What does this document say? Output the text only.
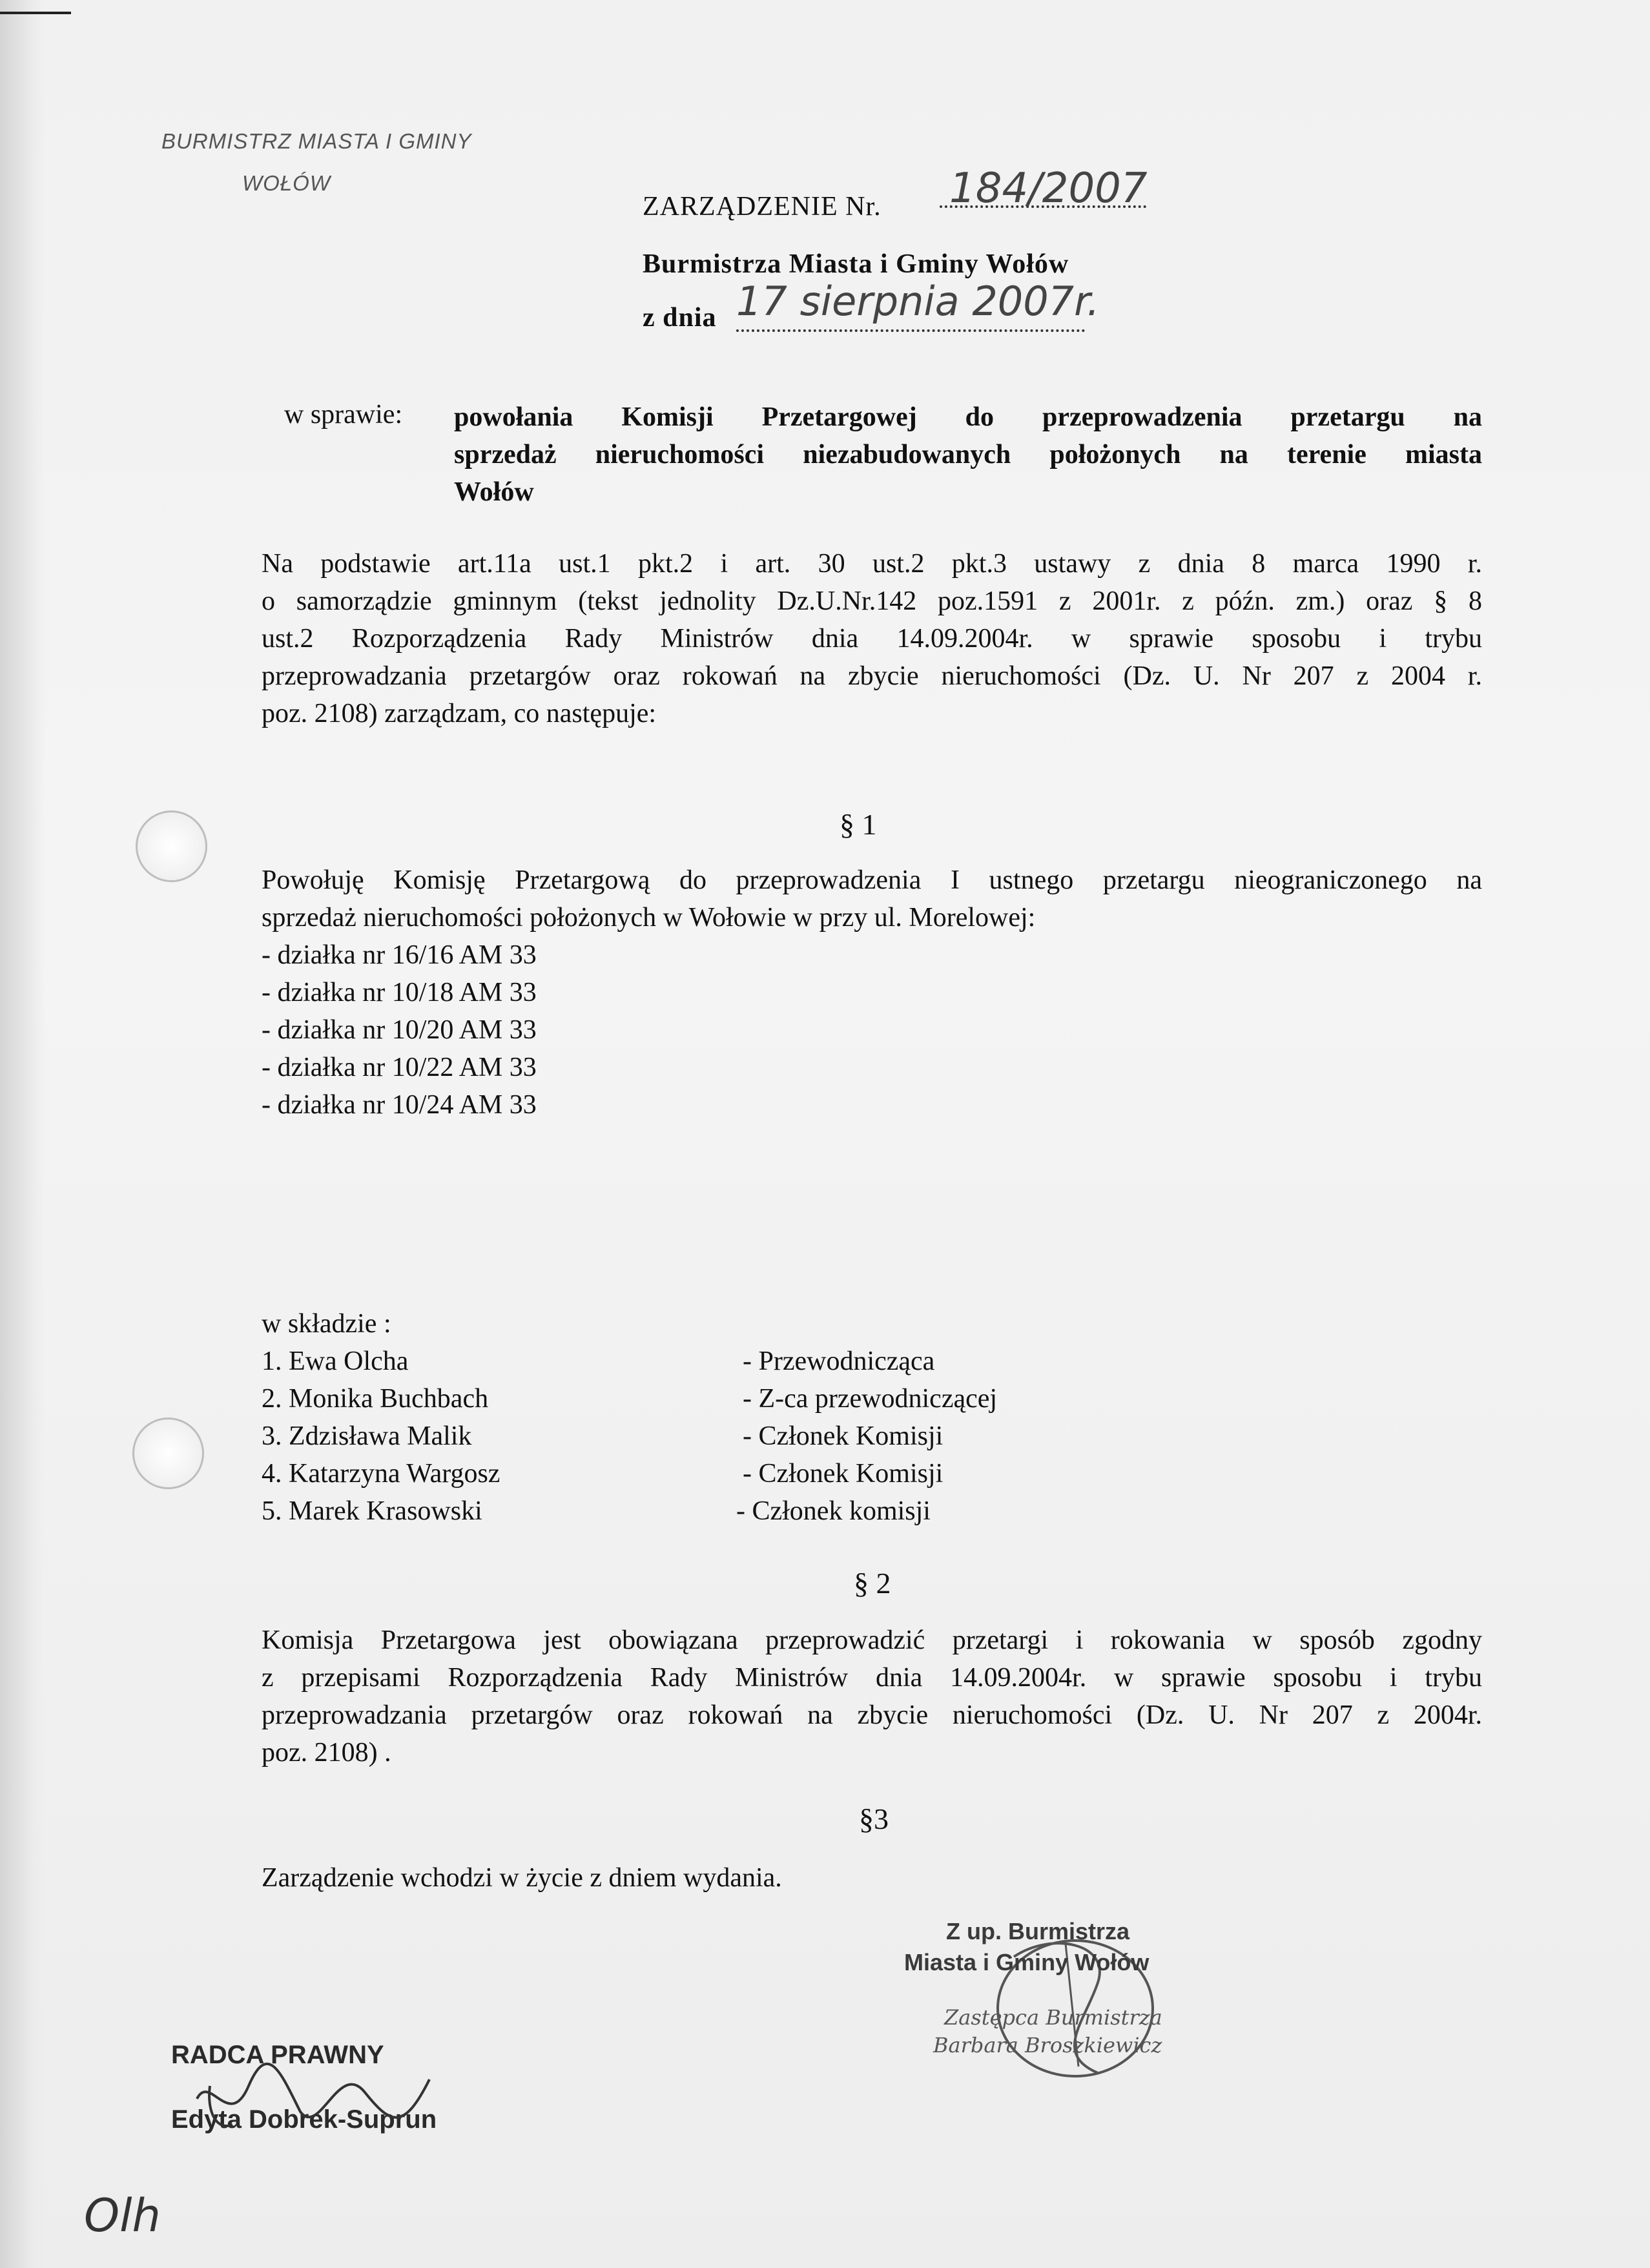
BURMISTRZ MIASTA I GMINY
WOŁÓW
ZARZĄDZENIE Nr. 184/2007
Burmistrza Miasta i Gminy Wołów
z dnia 17 sierpnia 2007r.
w sprawie: powołania Komisji Przetargowej do przeprowadzenia przetargu na
sprzedaż nieruchomości niezabudowanych położonych na terenie miasta
Wołów
Na podstawie art.11a ust.1 pkt.2 i art. 30 ust.2 pkt.3 ustawy z dnia 8 marca 1990 r.
o samorządzie gminnym (tekst jednolity Dz.U.Nr.142 poz.1591 z 2001r. z późn. zm.) oraz § 8
ust.2 Rozporządzenia Rady Ministrów dnia 14.09.2004r. w sprawie sposobu i trybu
przeprowadzania przetargów oraz rokowań na zbycie nieruchomości (Dz. U. Nr 207 z 2004 r.
poz. 2108) zarządzam, co następuje:
§ 1
Powołuję Komisję Przetargową do przeprowadzenia I ustnego przetargu nieograniczonego na
sprzedaż nieruchomości położonych w Wołowie w przy ul. Morelowej:
- działka nr 16/16 AM 33
- działka nr 10/18 AM 33
- działka nr 10/20 AM 33
- działka nr 10/22 AM 33
- działka nr 10/24 AM 33
w składzie :
1. Ewa Olcha	- Przewodnicząca
2. Monika Buchbach	- Z-ca przewodniczącej
3. Zdzisława Malik	- Członek Komisji
4. Katarzyna Wargosz	- Członek Komisji
5. Marek Krasowski	- Członek komisji
§ 2
Komisja Przetargowa jest obowiązana przeprowadzić przetargi i rokowania w sposób zgodny
z przepisami Rozporządzenia Rady Ministrów dnia 14.09.2004r. w sprawie sposobu i trybu
przeprowadzania przetargów oraz rokowań na zbycie nieruchomości (Dz. U. Nr 207 z 2004r.
poz. 2108) .
§3
Zarządzenie wchodzi w życie z dniem wydania.
Z up. Burmistrza
Miasta i Gminy Wołów
Zastępca Burmistrza
Barbara Broszkiewicz
RADCA PRAWNY
Edyta Dobrek-Suprun
Olh
